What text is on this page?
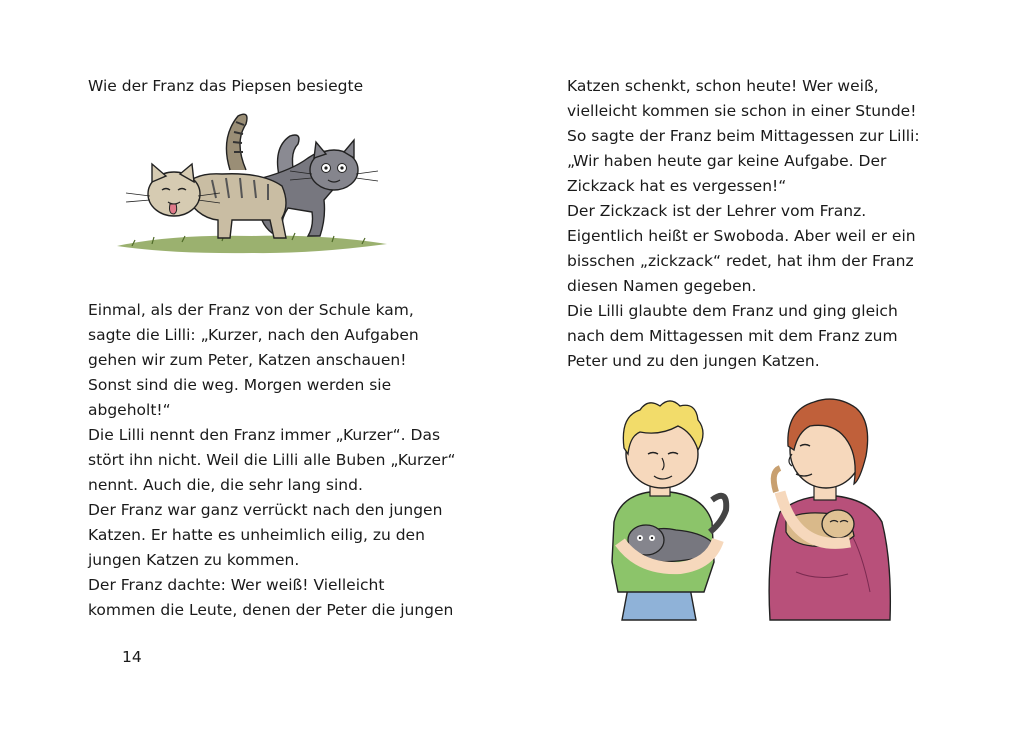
Wie der Franz das Piepsen besiegte

Einmal, als der Franz von der Schule kam,

sagte die Lilli: „Kurzer, nach den Aufgaben

gehen wir zum Peter, Katzen anschauen!

Sonst sind die weg. Morgen werden sie

abgeholt!“

Die Lilli nennt den Franz immer „Kurzer“. Das

stört ihn nicht. Weil die Lilli alle Buben „Kurzer“

nennt. Auch die, die sehr lang sind.

Der Franz war ganz verrückt nach den jungen

Katzen. Er hatte es unheimlich eilig, zu den

jungen Katzen zu kommen.

Der Franz dachte: Wer weiß! Vielleicht

kommen die Leute, denen der Peter die jungen

14

Katzen schenkt, schon heute! Wer weiß,

vielleicht kommen sie schon in einer Stunde!

So sagte der Franz beim Mittagessen zur Lilli:

„Wir haben heute gar keine Aufgabe. Der

Zickzack hat es vergessen!“

Der Zickzack ist der Lehrer vom Franz.

Eigentlich heißt er Swoboda. Aber weil er ein

bisschen „zickzack“ redet, hat ihm der Franz

diesen Namen gegeben.

Die Lilli glaubte dem Franz und ging gleich

nach dem Mittagessen mit dem Franz zum

Peter und zu den jungen Katzen.
